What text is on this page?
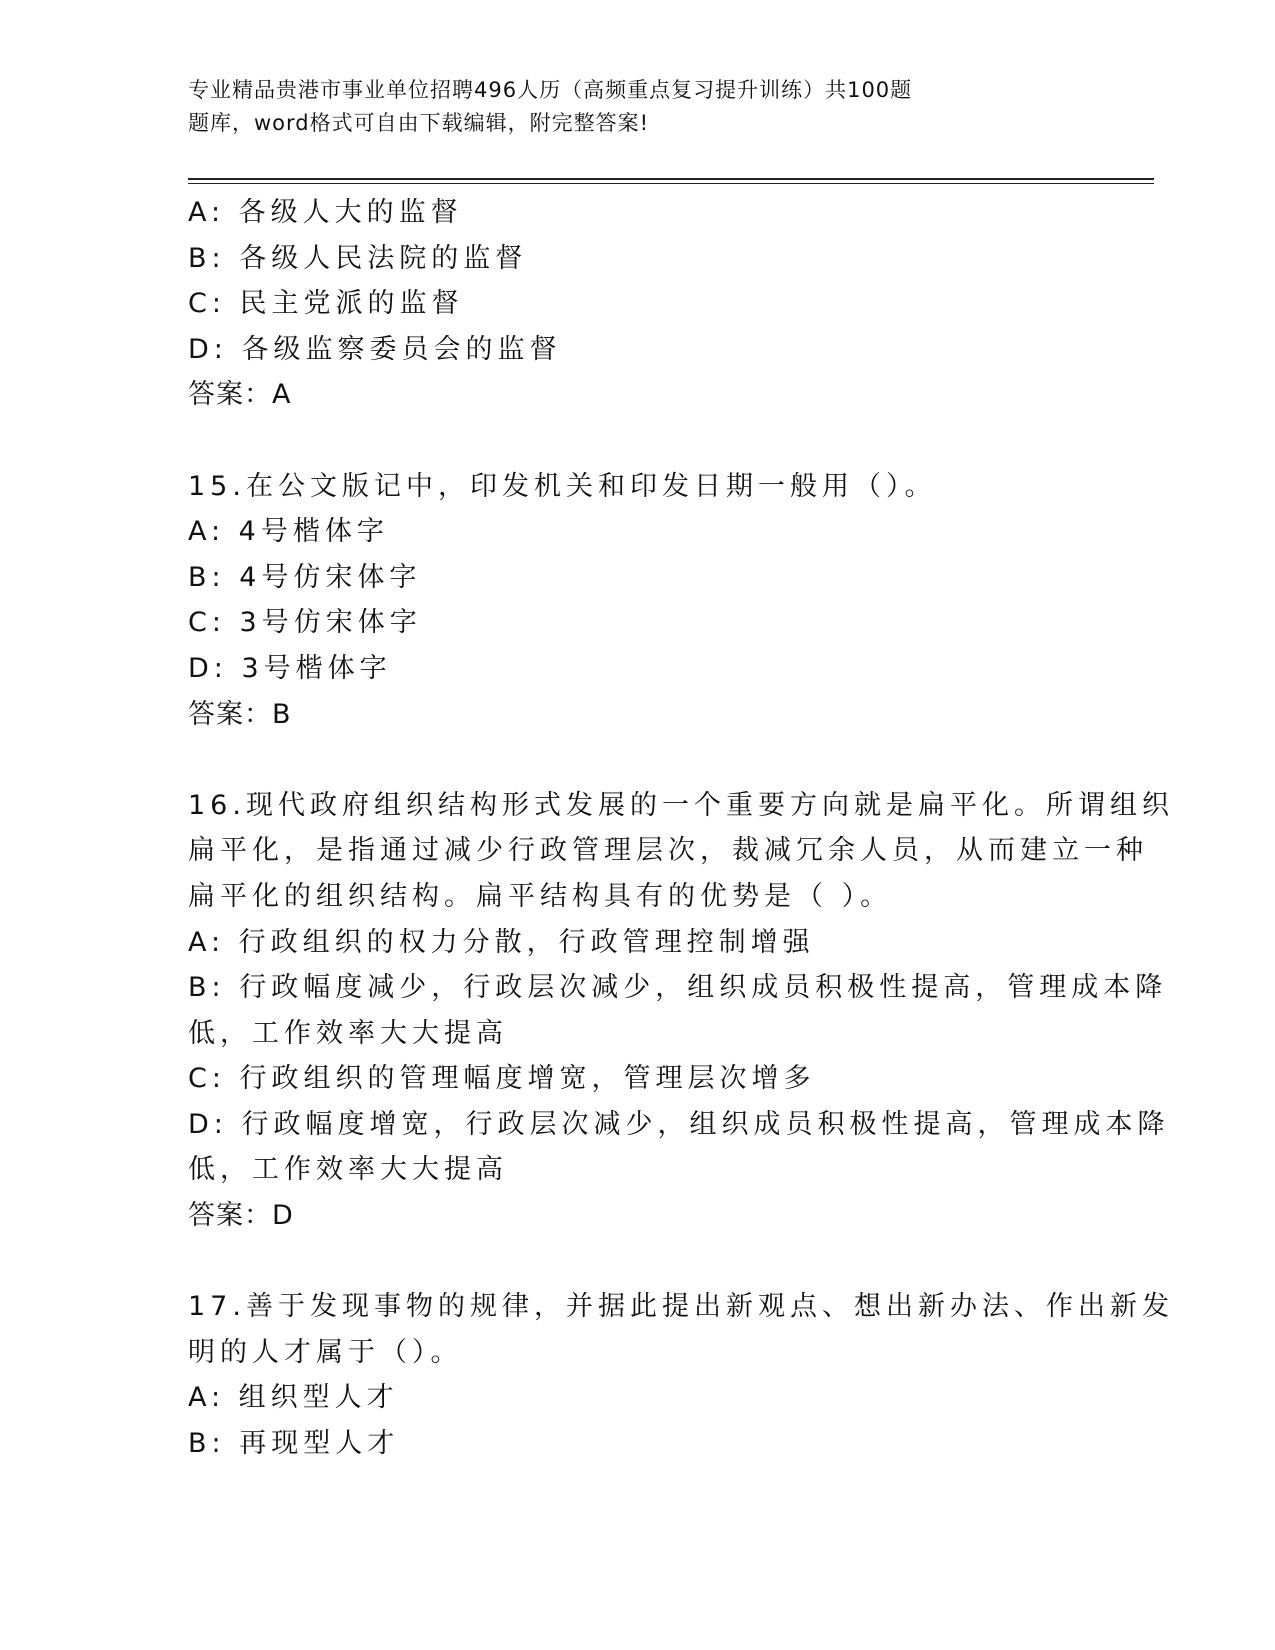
专业精品贵港市事业单位招聘496人历（高频重点复习提升训练）共100题
题库，word格式可自由下载编辑，附完整答案!
A: 各级人大的监督
B: 各级人民法院的监督
C: 民主党派的监督
D: 各级监察委员会的监督
答案：A
15.在公文版记中，印发机关和印发日期一般用（）。
A: 4号楷体字
B: 4号仿宋体字
C: 3号仿宋体字
D: 3号楷体字
答案：B
16.现代政府组织结构形式发展的一个重要方向就是扁平化。所谓组织
扁平化，是指通过减少行政管理层次，裁减冗余人员，从而建立一种
扁平化的组织结构。扁平结构具有的优势是（ ）。
A: 行政组织的权力分散，行政管理控制增强
B: 行政幅度减少，行政层次减少，组织成员积极性提高，管理成本降
低，工作效率大大提高
C: 行政组织的管理幅度增宽，管理层次增多
D: 行政幅度增宽，行政层次减少，组织成员积极性提高，管理成本降
低，工作效率大大提高
答案：D
17.善于发现事物的规律，并据此提出新观点、想出新办法、作出新发
明的人才属于（）。
A: 组织型人才
B: 再现型人才
